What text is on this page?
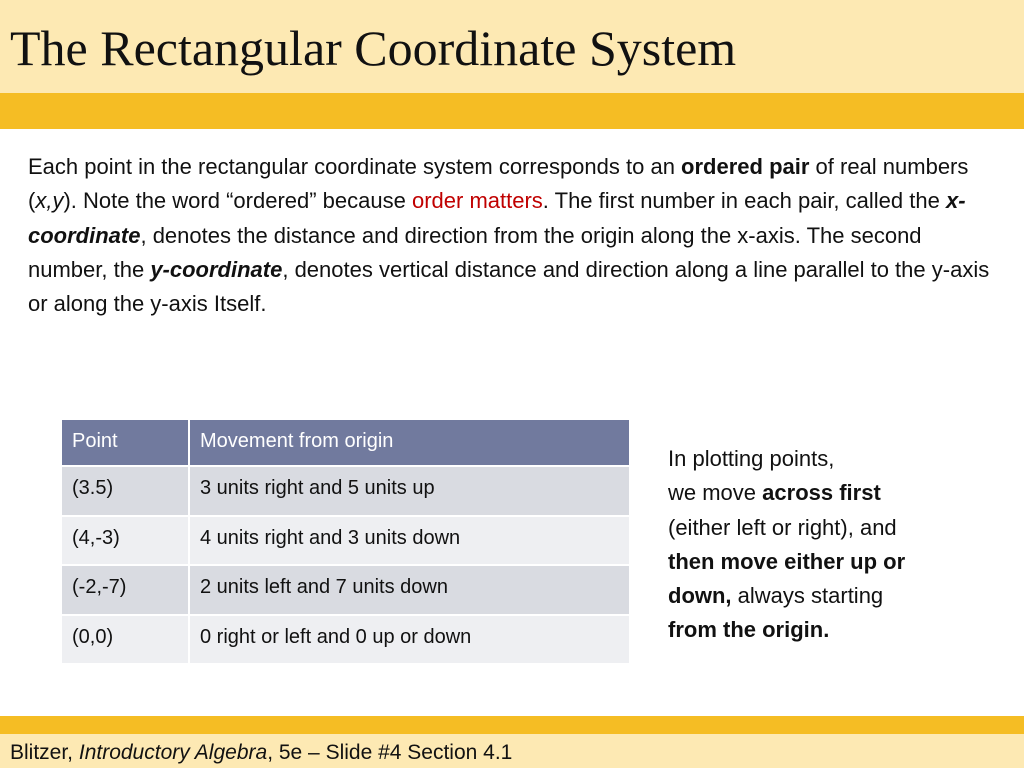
The Rectangular Coordinate System
Each point in the rectangular coordinate system corresponds to an ordered pair of real numbers (x,y). Note the word “ordered” because order matters. The first number in each pair, called the x-coordinate, denotes the distance and direction from the origin along the x-axis. The second number, the y-coordinate, denotes vertical distance and direction along a line parallel to the y-axis or along the y-axis Itself.
Point	Movement from origin
(3.5)	3 units right and 5 units up
(4,-3)	4 units right and 3 units down
(-2,-7)	2 units left and 7 units down
(0,0)	0 right or left and 0 up or down
In plotting points,
we move across first
(either left or right), and
then move either up or
down, always starting
from the origin.
Blitzer, Introductory Algebra, 5e – Slide #4 Section 4.1
